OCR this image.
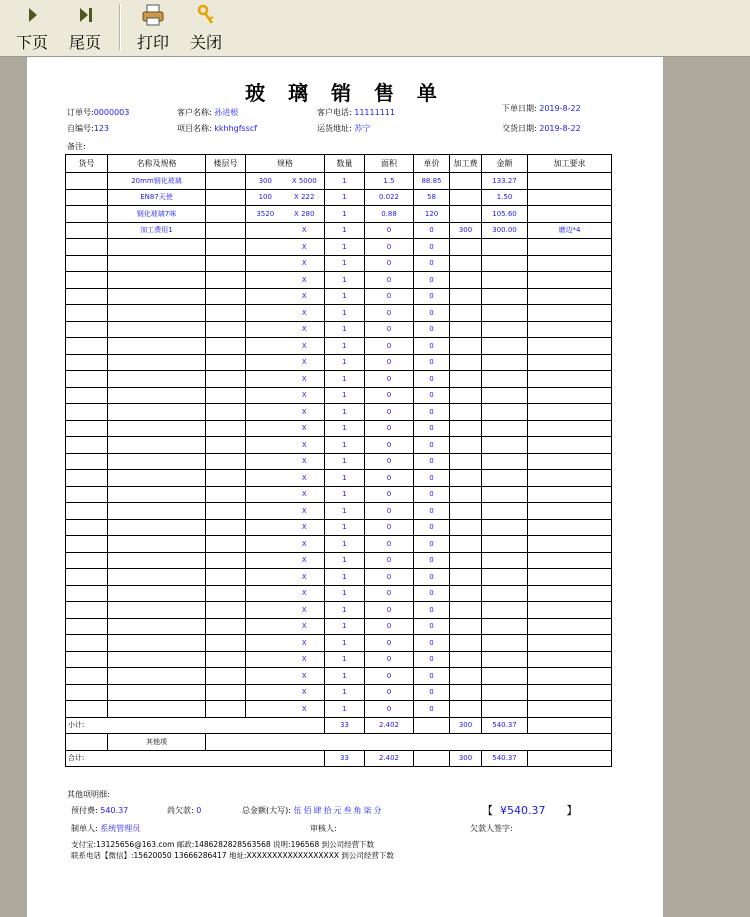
下页 尾页 打印 关闭
玻 璃 销 售 单
订单号:0000003	客户名称: 孙进根	客户电话: 11111111	下单日期: 2019-8-22
自编号:123	项目名称: kkhhgfsscf	运货地址: 苏宁	交货日期: 2019-8-22
备注:
货号	名称及规格	楼层号	规格		数量	面积	单价	加工费	金额	加工要求
	20mm钢化玻璃		300	X 5000	1	1.5	88.85		133.27	
	EN87天使		100	X 222	1	0.022	58		1.50	
	钢化玻璃7咪		3520	X 280	1	0.88	120		105.60	
	加工费用1			X	1	0	0	300	300.00	磨边*4
				X	1	0	0			
				X	1	0	0			
				X	1	0	0			
				X	1	0	0			
				X	1	0	0			
				X	1	0	0			
				X	1	0	0			
				X	1	0	0			
				X	1	0	0			
				X	1	0	0			
				X	1	0	0			
				X	1	0	0			
				X	1	0	0			
				X	1	0	0			
				X	1	0	0			
				X	1	0	0			
				X	1	0	0			
				X	1	0	0			
				X	1	0	0			
				X	1	0	0			
				X	1	0	0			
				X	1	0	0			
				X	1	0	0			
				X	1	0	0			
				X	1	0	0			
				X	1	0	0			
				X	1	0	0			
				X	1	0	0			
				X	1	0	0			
小计:					33	2.402		300	540.37	
	其他项									
合计:					33	2.402		300	540.37	
其他项明细:
预付费: 540.37	尚欠款: 0	总金额(大写): 伍佰肆拾元叁角柒分	【 ¥540.37 】
制单人: 系统管理员	审核人:	欠款人签字:
支付宝:13125656@163.com 邮政:1486282828563568 说明:196568 到公司经营下数
联系电话【微信】:15620050 13666286417 地址:XXXXXXXXXXXXXXXXXX 到公司经营下数
